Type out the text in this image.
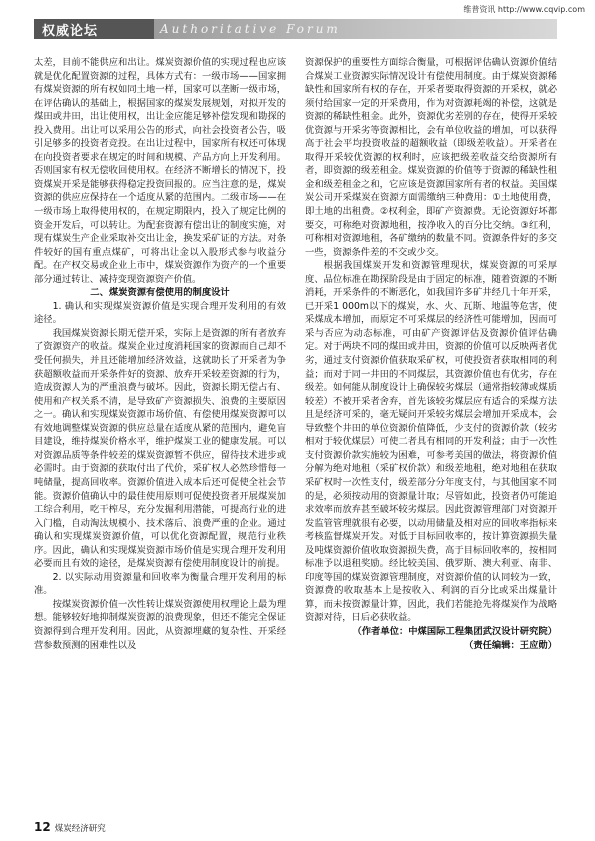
维普资讯 http://www.cqvip.com
权威论坛	Authoritative Forum

太差，目前不能供应和出让。煤炭资源价值的实现过程也应该就是优化配置资源的过程，具体方式有：一级市场——国家拥有煤炭资源的所有权如同土地一样，国家可以垄断一级市场，在评估确认的基础上，根据国家的煤炭发展规划，对拟开发的煤田或井田，出让使用权，出让金应能足够补偿发现和勘探的投入费用。出让可以采用公告的形式，向社会投资者公告，吸引足够多的投资者竞投。在出让过程中，国家所有权还可体现在向投资者要求在规定的时间和规模、产品方向上开发利用。否则国家有权无偿收回使用权。在经济不断增长的情况下，投资煤炭开采是能够获得稳定投资回报的。应当注意的是，煤炭资源的供应应保持在一个适度从紧的范围内。二级市场——在一级市场上取得使用权的，在规定期限内，投入了规定比例的资金开发后，可以转让。为配套资源有偿出让的制度实施，对现有煤炭生产企业采取补交出让金，换发采矿证的方法。对条件较好的国有重点煤矿，可将出让金以入股形式参与收益分配。在产权交易或企业上市中，煤炭资源作为资产的一个重要部分通过转让、减持变现资源资产价值。

二、煤炭资源有偿使用的制度设计

1. 确认和实现煤炭资源价值是实现合理开发利用的有效途径。

我国煤炭资源长期无偿开采，实际上是资源的所有者放弃了资源资产的收益。煤炭企业过度消耗国家的资源而自己却不受任何损失，并且还能增加经济效益，这就助长了开采者为争获超额收益而开采条件好的资源、放弃开采较差资源的行为，造成资源人为的严重浪费与破坏。因此，资源长期无偿占有、使用和产权关系不清，是导致矿产资源损失、浪费的主要原因之一。确认和实现煤炭资源市场价值、有偿使用煤炭资源可以有效地调整煤炭资源的供应总量在适度从紧的范围内，避免盲目建设，维持煤炭价格水平，维护煤炭工业的健康发展。可以对资源品质等条件较差的煤炭资源暂不供应，留待技术进步或必需时。由于资源的获取付出了代价，采矿权人必然珍惜每一吨储量，提高回收率。资源价值进入成本后还可促使全社会节能。资源价值确认中的最佳使用原则可促使投资者开展煤炭加工综合利用，吃干榨尽，充分发掘利用潜能，可提高行业的进入门槛，自动淘汰规模小、技术落后、浪费严重的企业。通过确认和实现煤炭资源价值，可以优化资源配置，规范行业秩序。因此，确认和实现煤炭资源市场价值是实现合理开发利用必要而且有效的途径，是煤炭资源有偿使用制度设计的前提。

2. 以实际动用资源量和回收率为衡量合理开发利用的标准。

按煤炭资源价值一次性转让煤炭资源使用权理论上最为理想。能够较好地抑制煤炭资源的浪费现象，但还不能完全保证资源得到合理开发利用。因此，从资源埋藏的复杂性、开采经营参数预测的困难性以及

资源保护的重要性方面综合衡量，可根据评估确认资源价值结合煤炭工业资源实际情况设计有偿使用制度。由于煤炭资源稀缺性和国家所有权的存在，开采者要取得资源的开采权，就必须付给国家一定的开采费用，作为对资源耗竭的补偿，这就是资源的稀缺性租金。此外，资源优劣差别的存在，使得开采较优资源与开采劣等资源相比，会有单位收益的增加，可以获得高于社会平均投资收益的超额收益（即级差收益）。开采者在取得开采较优资源的权利时，应该把级差收益交给资源所有者，即资源的级差租金。煤炭资源的价值等于资源的稀缺性租金和级差租金之和，它应该是资源国家所有者的权益。美国煤炭公司开采煤炭在资源方面需缴纳三种费用：①土地使用费，即土地的出租费。②权利金，即矿产资源费。无论资源好坏都要交，可称绝对资源地租，按净收入的百分比交纳。③红利，可称相对资源地租，各矿缴纳的数量不同。资源条件好的多交一些，资源条件差的不交或少交。

根据我国煤炭开发和资源管理现状，煤炭资源的可采厚度、品位标准在勘探阶段是由于固定的标准，随着资源的不断消耗，开采条件的不断恶化，如我国许多矿井经几十年开采，已开采1 000m以下的煤炭，水、火、瓦斯、地温等危害，使采煤成本增加，而原定不可采煤层的经济性可能增加，因而可采与否应为动态标准，可由矿产资源评估及资源价值评估确定。对于两块不同的煤田或井田，资源的价值可以反映两者优劣，通过支付资源价值获取采矿权，可使投资者获取相同的利益；而对于同一井田的不同煤层，其资源价值也有优劣，存在级差。如何能从制度设计上确保较劣煤层（通常指较薄或煤质较差）不被开采者舍弃，首先该较劣煤层应有适合的采煤方法且是经济可采的，毫无疑问开采较劣煤层会增加开采成本，会导致整个井田的单位资源价值降低，少支付的资源价款（较劣相对于较优煤层）可使二者具有相同的开发利益；由于一次性支付资源价款实施较为困难，可参考美国的做法，将资源价值分解为绝对地租（采矿权价款）和级差地租，绝对地租在获取采矿权时一次性支付，级差部分分年度支付，与其他国家不同的是，必须按动用的资源量计取；尽管如此，投资者仍可能追求效率而放弃甚至破坏较劣煤层。因此资源管理部门对资源开发监管管理就很有必要，以动用储量及相对应的回收率指标来考核监督煤炭开发。对低于目标回收率的，按计算资源损失量及吨煤资源价值收取资源损失费，高于目标回收率的，按相同标准予以退租奖励。经比较美国、俄罗斯、澳大利亚、南非、印度等国的煤炭资源管理制度，对资源价值的认同较为一致，资源费的收取基本上是按收入、利润的百分比或采出煤量计算，而未按资源量计算，因此，我们若能抢先将煤炭作为战略资源对待，日后必获收益。

（作者单位：中煤国际工程集团武汉设计研究院）

（责任编辑：王应勋）

12 煤炭经济研究
